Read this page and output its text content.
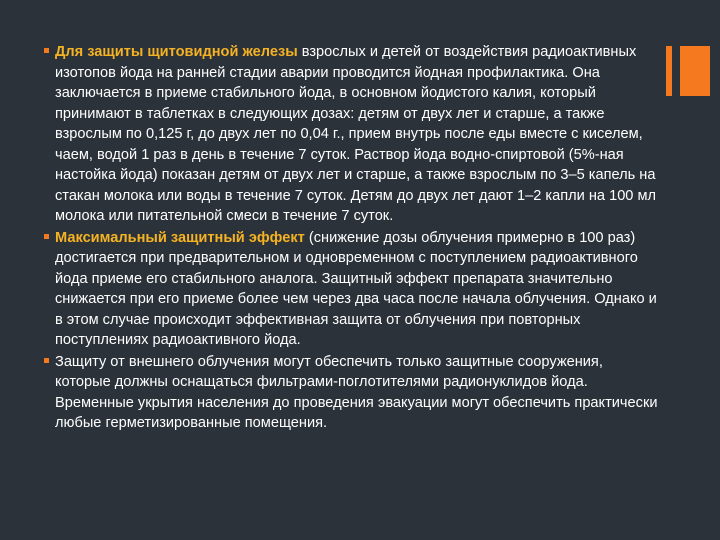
Для защиты щитовидной железы взрослых и детей от воздействия радиоактивных изотопов йода на ранней стадии аварии проводится йодная профилактика. Она заключается в приеме стабильного йода, в основном йодистого калия, который принимают в таблетках в следующих дозах: детям от двух лет и старше, а также взрослым по 0,125 г, до двух лет по 0,04 г., прием внутрь после еды вместе с киселем, чаем, водой 1 раз в день в течение 7 суток. Раствор йода водно-спиртовой (5%-ная настойка йода) показан детям от двух лет и старше, а также взрослым по 3–5 капель на стакан молока или воды в течение 7 суток. Детям до двух лет дают 1–2 капли на 100 мл молока или питательной смеси в течение 7 суток.
Максимальный защитный эффект (снижение дозы облучения примерно в 100 раз) достигается при предварительном и одновременном с поступлением радиоактивного йода приеме его стабильного аналога. Защитный эффект препарата значительно снижается при его приеме более чем через два часа после начала облучения. Однако и в этом случае происходит эффективная защита от облучения при повторных поступлениях радиоактивного йода.
Защиту от внешнего облучения могут обеспечить только защитные сооружения, которые должны оснащаться фильтрами-поглотителями радионуклидов йода. Временные укрытия населения до проведения эвакуации могут обеспечить практически любые герметизированные помещения.
